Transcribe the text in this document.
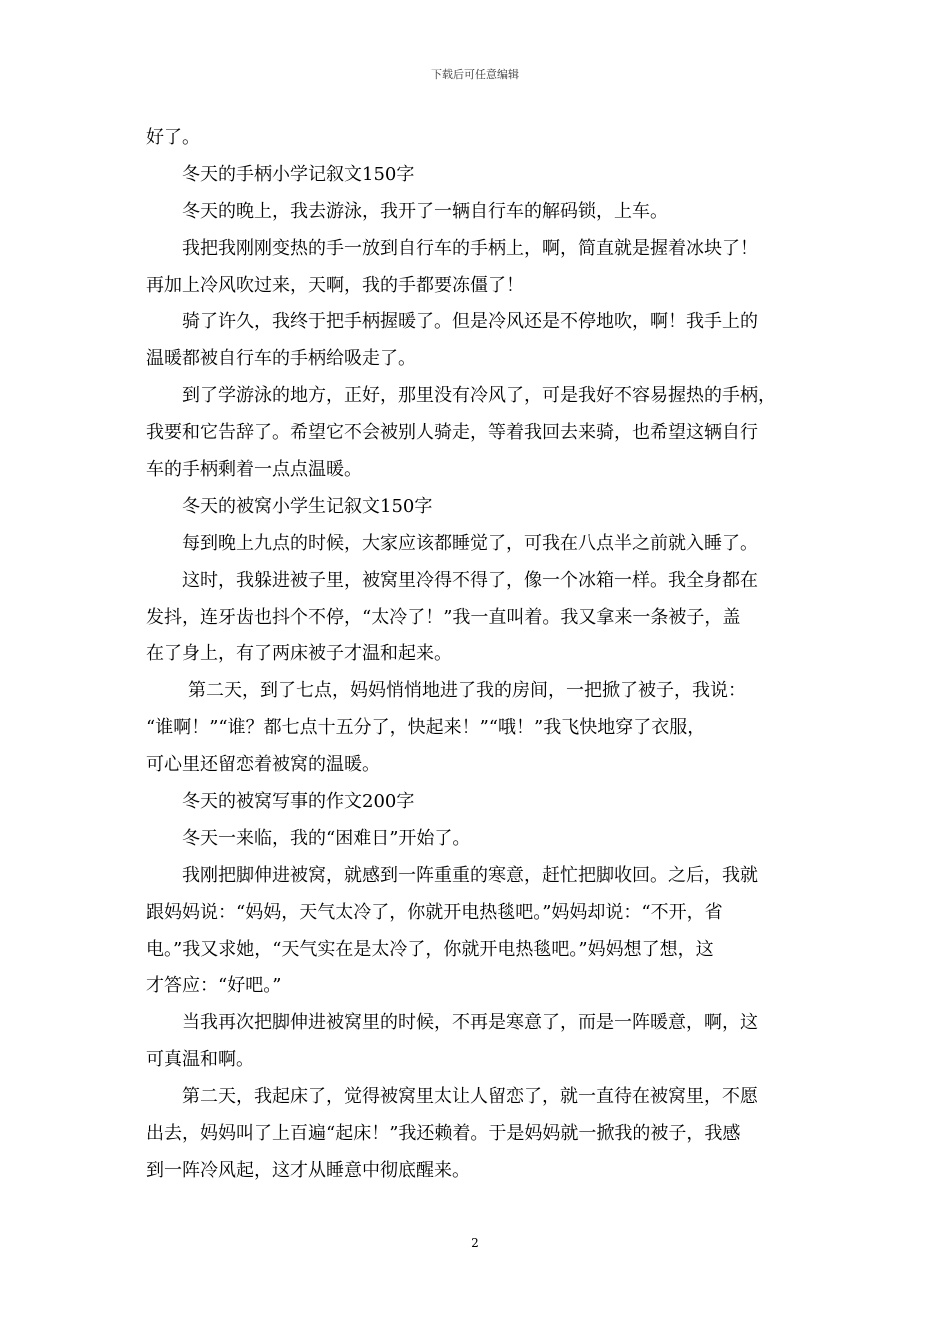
下载后可任意编辑
好了。
冬天的手柄小学记叙文150字
冬天的晚上，我去游泳，我开了一辆自行车的解码锁，上车。
我把我刚刚变热的手一放到自行车的手柄上，啊，简直就是握着冰块了！
再加上冷风吹过来，天啊，我的手都要冻僵了！
骑了许久，我终于把手柄握暖了。但是冷风还是不停地吹，啊！我手上的
温暖都被自行车的手柄给吸走了。
到了学游泳的地方，正好，那里没有冷风了，可是我好不容易握热的手柄，
我要和它告辞了。希望它不会被别人骑走，等着我回去来骑，也希望这辆自行
车的手柄剩着一点点温暖。
冬天的被窝小学生记叙文150字
每到晚上九点的时候，大家应该都睡觉了，可我在八点半之前就入睡了。
这时，我躲进被子里，被窝里冷得不得了，像一个冰箱一样。我全身都在
发抖，连牙齿也抖个不停，“太冷了！”我一直叫着。我又拿来一条被子，盖
在了身上，有了两床被子才温和起来。
第二天，到了七点，妈妈悄悄地进了我的房间，一把掀了被子，我说：
“谁啊！”“谁？都七点十五分了，快起来！”“哦！”我飞快地穿了衣服，
可心里还留恋着被窝的温暖。
冬天的被窝写事的作文200字
冬天一来临，我的“困难日”开始了。
我刚把脚伸进被窝，就感到一阵重重的寒意，赶忙把脚收回。之后，我就
跟妈妈说：“妈妈，天气太冷了，你就开电热毯吧。”妈妈却说：“不开，省
电。”我又求她，“天气实在是太冷了，你就开电热毯吧。”妈妈想了想，这
才答应：“好吧。”
当我再次把脚伸进被窝里的时候，不再是寒意了，而是一阵暖意，啊，这
可真温和啊。
第二天，我起床了，觉得被窝里太让人留恋了，就一直待在被窝里，不愿
出去，妈妈叫了上百遍“起床！”我还赖着。于是妈妈就一掀我的被子，我感
到一阵冷风起，这才从睡意中彻底醒来。
2
